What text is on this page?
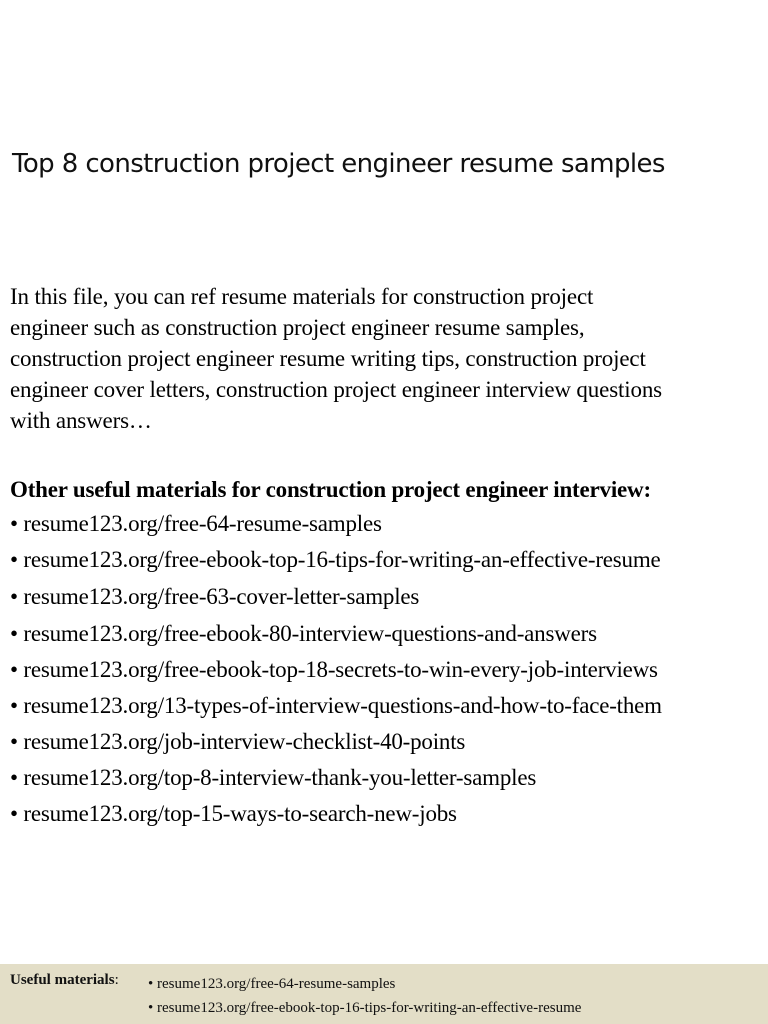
Top 8 construction project engineer resume samples
In this file, you can ref resume materials for construction project
engineer such as construction project engineer resume samples,
construction project engineer resume writing tips, construction project
engineer cover letters, construction project engineer interview questions
with answers…
Other useful materials for construction project engineer interview:
• resume123.org/free-64-resume-samples
• resume123.org/free-ebook-top-16-tips-for-writing-an-effective-resume
• resume123.org/free-63-cover-letter-samples
• resume123.org/free-ebook-80-interview-questions-and-answers
• resume123.org/free-ebook-top-18-secrets-to-win-every-job-interviews
• resume123.org/13-types-of-interview-questions-and-how-to-face-them
• resume123.org/job-interview-checklist-40-points
• resume123.org/top-8-interview-thank-you-letter-samples
• resume123.org/top-15-ways-to-search-new-jobs
Useful materials: • resume123.org/free-64-resume-samples
• resume123.org/free-ebook-top-16-tips-for-writing-an-effective-resume
